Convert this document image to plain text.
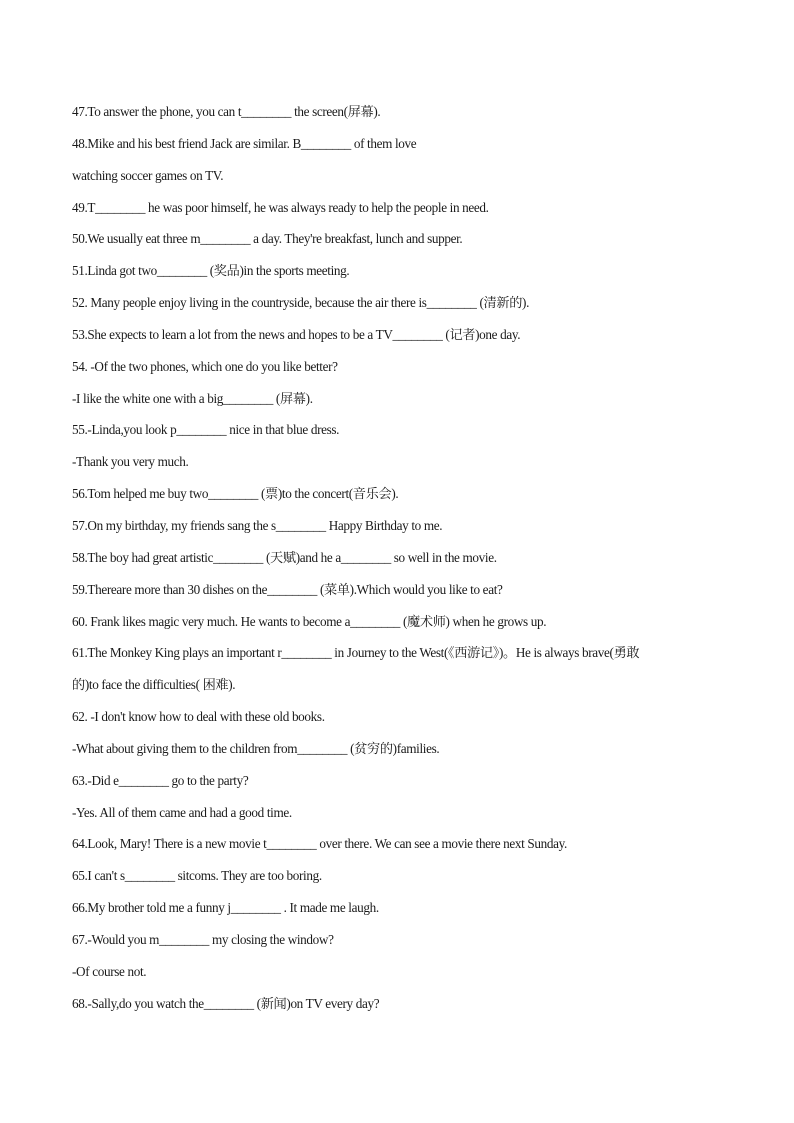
47.To answer the phone, you can t________ the screen(屏幕).
48.Mike and his best friend Jack are similar. B________ of them love
watching soccer games on TV.
49.T________ he was poor himself, he was always ready to help the people in need.
50.We usually eat three m________ a day. They're breakfast, lunch and supper.
51.Linda got two________ (奖品)in the sports meeting.
52. Many people enjoy living in the countryside, because the air there is________ (清新的).
53.She expects to learn a lot from the news and hopes to be a TV________ (记者)one day.
54. -Of the two phones, which one do you like better?
-I like the white one with a big________ (屏幕).
55.-Linda,you look p________ nice in that blue dress.
-Thank you very much.
56.Tom helped me buy two________ (票)to the concert(音乐会).
57.On my birthday, my friends sang the s________ Happy Birthday to me.
58.The boy had great artistic________ (天赋)and he a________ so well in the movie.
59.Thereare more than 30 dishes on the________ (菜单).Which would you like to eat?
60. Frank likes magic very much. He wants to become a________ (魔术师) when he grows up.
61.The Monkey King plays an important r________ in Journey to the West(《西游记》)。He is always brave(勇敢
的)to face the difficulties( 困难).
62. -I don't know how to deal with these old books.
-What about giving them to the children from________ (贫穷的)families.
63.-Did e________ go to the party?
-Yes. All of them came and had a good time.
64.Look, Mary! There is a new movie t________ over there. We can see a movie there next Sunday.
65.I can't s________ sitcoms. They are too boring.
66.My brother told me a funny j________ . It made me laugh.
67.-Would you m________ my closing the window?
-Of course not.
68.-Sally,do you watch the________ (新闻)on TV every day?
